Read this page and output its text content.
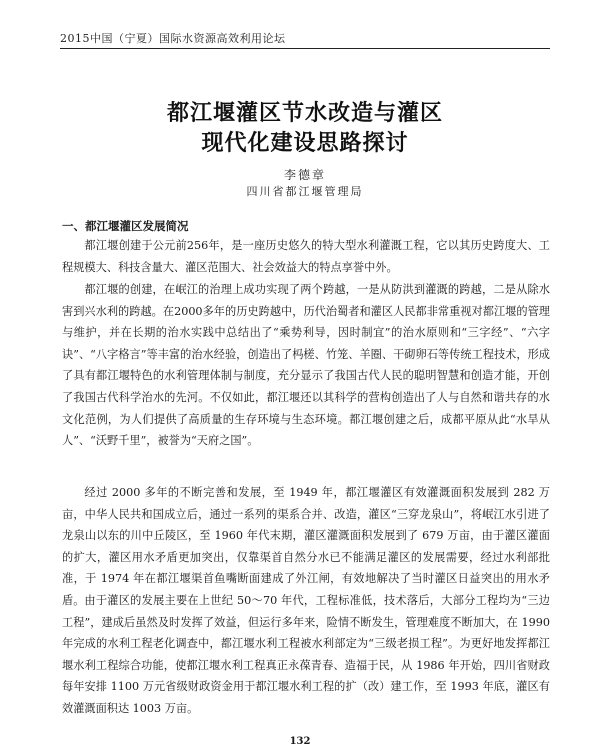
2015中国（宁夏）国际水资源高效利用论坛
都江堰灌区节水改造与灌区
现代化建设思路探讨
李德章
四川省都江堰管理局
一、都江堰灌区发展简况

都江堰创建于公元前256年，是一座历史悠久的特大型水利灌溉工程，它以其历史跨度大、工程规模大、科技含量大、灌区范围大、社会效益大的特点享誉中外。

都江堰的创建，在岷江的治理上成功实现了两个跨越，一是从防洪到灌溉的跨越，二是从除水害到兴水利的跨越。在2000多年的历史跨越中，历代治蜀者和灌区人民都非常重视对都江堰的管理与维护，并在长期的治水实践中总结出了“乘势利导，因时制宜”的治水原则和“三字经”、“六字诀”、“八字格言”等丰富的治水经验，创造出了杩槎、竹笼、羊圈、干砌卵石等传统工程技术，形成了具有都江堰特色的水利管理体制与制度，充分显示了我国古代人民的聪明智慧和创造才能，开创了我国古代科学治水的先河。不仅如此，都江堰还以其科学的营构创造出了人与自然和谐共存的水文化范例，为人们提供了高质量的生存环境与生态环境。都江堰创建之后，成都平原从此“水旱从人”、“沃野千里”，被誉为“天府之国”。

经过 2000 多年的不断完善和发展，至 1949 年，都江堰灌区有效灌溉面积发展到 282 万亩，中华人民共和国成立后，通过一系列的渠系合并、改造，灌区“三穿龙泉山”，将岷江水引进了龙泉山以东的川中丘陵区，至 1960 年代末期，灌区灌溉面积发展到了 679 万亩，由于灌区灌面的扩大，灌区用水矛盾更加突出，仅靠渠首自然分水已不能满足灌区的发展需要，经过水利部批准，于 1974 年在都江堰渠首鱼嘴断面建成了外江闸，有效地解决了当时灌区日益突出的用水矛盾。 由于灌区的发展主要在上世纪 50～70 年代，工程标准低，技术落后，大部分工程均为“三边工程”，建成后虽然及时发挥了效益，但运行多年来，险情不断发生，管理难度不断加大，在 1990 年完成的水利工程老化调查中，都江堰水利工程被水利部定为“三级老损工程”。为更好地发挥都江堰水利工程综合功能，使都江堰水利工程真正永葆青春、造福于民，从 1986 年开始，四川省财政每年安排 1100 万元省级财政资金用于都江堰水利工程的扩（改）建工作，至 1993 年底，灌区有效灌溉面积达 1003 万亩。

132
